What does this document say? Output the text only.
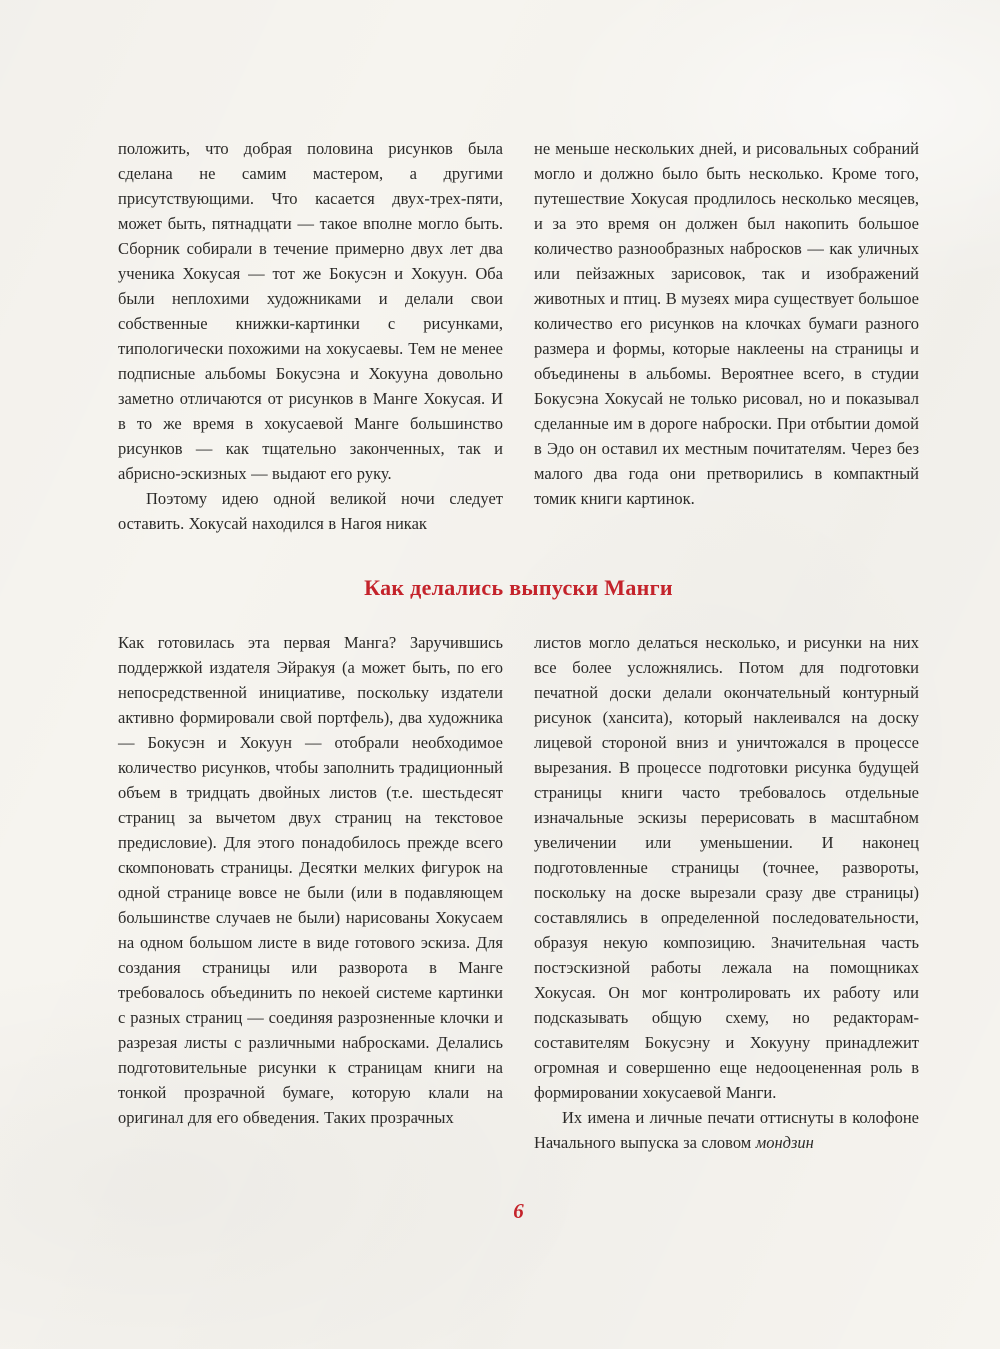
положить, что добрая половина рисунков была сделана не самим мастером, а другими присутствующими. Что касается двух-трех-пяти, может быть, пятнадцати — такое вполне могло быть. Сборник собирали в течение примерно двух лет два ученика Хокусая — тот же Бокусэн и Хокуун. Оба были неплохими художниками и делали свои собственные книжки-картинки с рисунками, типологически похожими на хокусаевы. Тем не менее подписные альбомы Бокусэна и Хокууна довольно заметно отличаются от рисунков в Манге Хокусая. И в то же время в хокусаевой Манге большинство рисунков — как тщательно законченных, так и абрисно-эскизных — выдают его руку.

Поэтому идею одной великой ночи следует оставить. Хокусай находился в Нагоя никак

не меньше нескольких дней, и рисовальных собраний могло и должно было быть несколько. Кроме того, путешествие Хокусая продлилось несколько месяцев, и за это время он должен был накопить большое количество разнообразных набросков — как уличных или пейзажных зарисовок, так и изображений животных и птиц. В музеях мира существует большое количество его рисунков на клочках бумаги разного размера и формы, которые наклеены на страницы и объединены в альбомы. Вероятнее всего, в студии Бокусэна Хокусай не только рисовал, но и показывал сделанные им в дороге наброски. При отбытии домой в Эдо он оставил их местным почитателям. Через без малого два года они претворились в компактный томик книги картинок.

Как делались выпуски Манги

Как готовилась эта первая Манга? Заручившись поддержкой издателя Эйракуя (а может быть, по его непосредственной инициативе, поскольку издатели активно формировали свой портфель), два художника — Бокусэн и Хокуун — отобрали необходимое количество рисунков, чтобы заполнить традиционный объем в тридцать двойных листов (т.е. шестьдесят страниц за вычетом двух страниц на текстовое предисловие). Для этого понадобилось прежде всего скомпоновать страницы. Десятки мелких фигурок на одной странице вовсе не были (или в подавляющем большинстве случаев не были) нарисованы Хокусаем на одном большом листе в виде готового эскиза. Для создания страницы или разворота в Манге требовалось объединить по некоей системе картинки с разных страниц — соединяя разрозненные клочки и разрезая листы с различными набросками. Делались подготовительные рисунки к страницам книги на тонкой прозрачной бумаге, которую клали на оригинал для его обведения. Таких прозрачных

листов могло делаться несколько, и рисунки на них все более усложнялись. Потом для подготовки печатной доски делали окончательный контурный рисунок (хансита), который наклеивался на доску лицевой стороной вниз и уничтожался в процессе вырезания. В процессе подготовки рисунка будущей страницы книги часто требовалось отдельные изначальные эскизы перерисовать в масштабном увеличении или уменьшении. И наконец подготовленные страницы (точнее, развороты, поскольку на доске вырезали сразу две страницы) составлялись в определенной последовательности, образуя некую композицию. Значительная часть постэскизной работы лежала на помощниках Хокусая. Он мог контролировать их работу или подсказывать общую схему, но редакторам-составителям Бокусэну и Хокууну принадлежит огромная и совершенно еще недооцененная роль в формировании хокусаевой Манги.

Их имена и личные печати оттиснуты в колофоне Начального выпуска за словом мондзин

6
